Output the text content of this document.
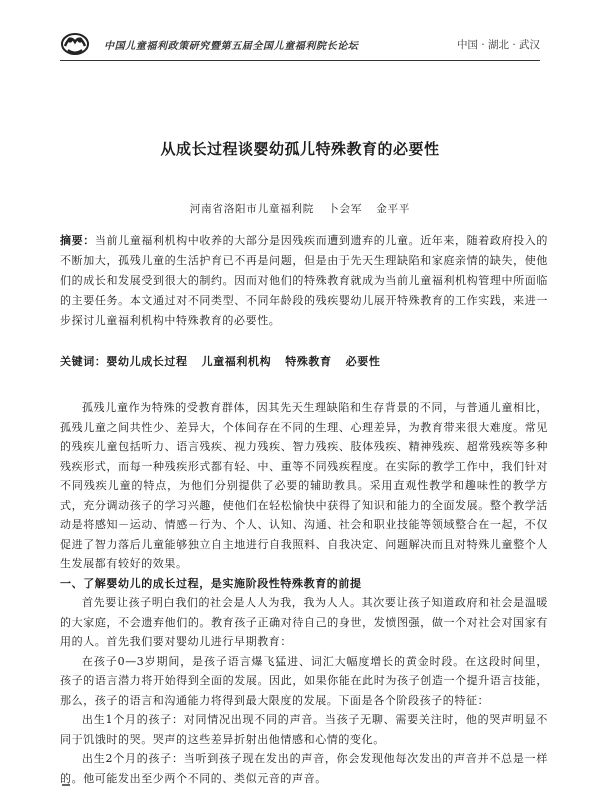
中国儿童福利政策研究暨第五届全国儿童福利院长论坛	中国 · 湖北 · 武汉
从成长过程谈婴幼孤儿特殊教育的必要性
河南省洛阳市儿童福利院 卜会军 金平平
摘要：当前儿童福利机构中收养的大部分是因残疾而遭到遗弃的儿童。近年来，随着政府投入的不断加大，孤残儿童的生活护育已不再是问题，但是由于先天生理缺陷和家庭亲情的缺失，使他们的成长和发展受到很大的制约。因而对他们的特殊教育就成为当前儿童福利机构管理中所面临的主要任务。本文通过对不同类型、不同年龄段的残疾婴幼儿展开特殊教育的工作实践，来进一步探讨儿童福利机构中特殊教育的必要性。
关键词：婴幼儿成长过程 儿童福利机构 特殊教育 必要性

孤残儿童作为特殊的受教育群体，因其先天生理缺陷和生存背景的不同，与普通儿童相比，孤残儿童之间共性少、差异大，个体间存在不同的生理、心理差异，为教育带来很大难度。常见的残疾儿童包括听力、语言残疾、视力残疾、智力残疾、肢体残疾、精神残疾、超常残疾等多种残疾形式，而每一种残疾形式都有轻、中、重等不同残疾程度。在实际的教学工作中，我们针对不同残疾儿童的特点，为他们分别提供了必要的辅助教具。采用直观性教学和趣味性的教学方式，充分调动孩子的学习兴趣，使他们在轻松愉快中获得了知识和能力的全面发展。整个教学活动是将感知－运动、情感－行为、个人、认知、沟通、社会和职业技能等领域整合在一起，不仅促进了智力落后儿童能够独立自主地进行自我照料、自我决定、问题解决而且对特殊儿童整个人生发展都有较好的效果。

一、了解婴幼儿的成长过程，是实施阶段性特殊教育的前提

首先要让孩子明白我们的社会是人人为我，我为人人。其次要让孩子知道政府和社会是温暖的大家庭，不会遗弃他们的。教育孩子正确对待自己的身世，发愤图强，做一个对社会对国家有用的人。首先我们要对婴幼儿进行早期教育：

在孩子0—3岁期间，是孩子语言爆飞猛进、词汇大幅度增长的黄金时段。在这段时间里，孩子的语言潜力将开始得到全面的发展。因此，如果你能在此时为孩子创造一个提升语言技能，那么，孩子的语言和沟通能力将得到最大限度的发展。下面是各个阶段孩子的特征：

出生1个月的孩子：对同情况出现不同的声音。当孩子无聊、需要关注时，他的哭声明显不同于饥饿时的哭。哭声的这些差异折射出他情感和心情的变化。

出生2个月的孩子：当听到孩子现在发出的声音，你会发现他每次发出的声音并不总是一样的。他可能发出至少两个不同的、类似元音的声音。
